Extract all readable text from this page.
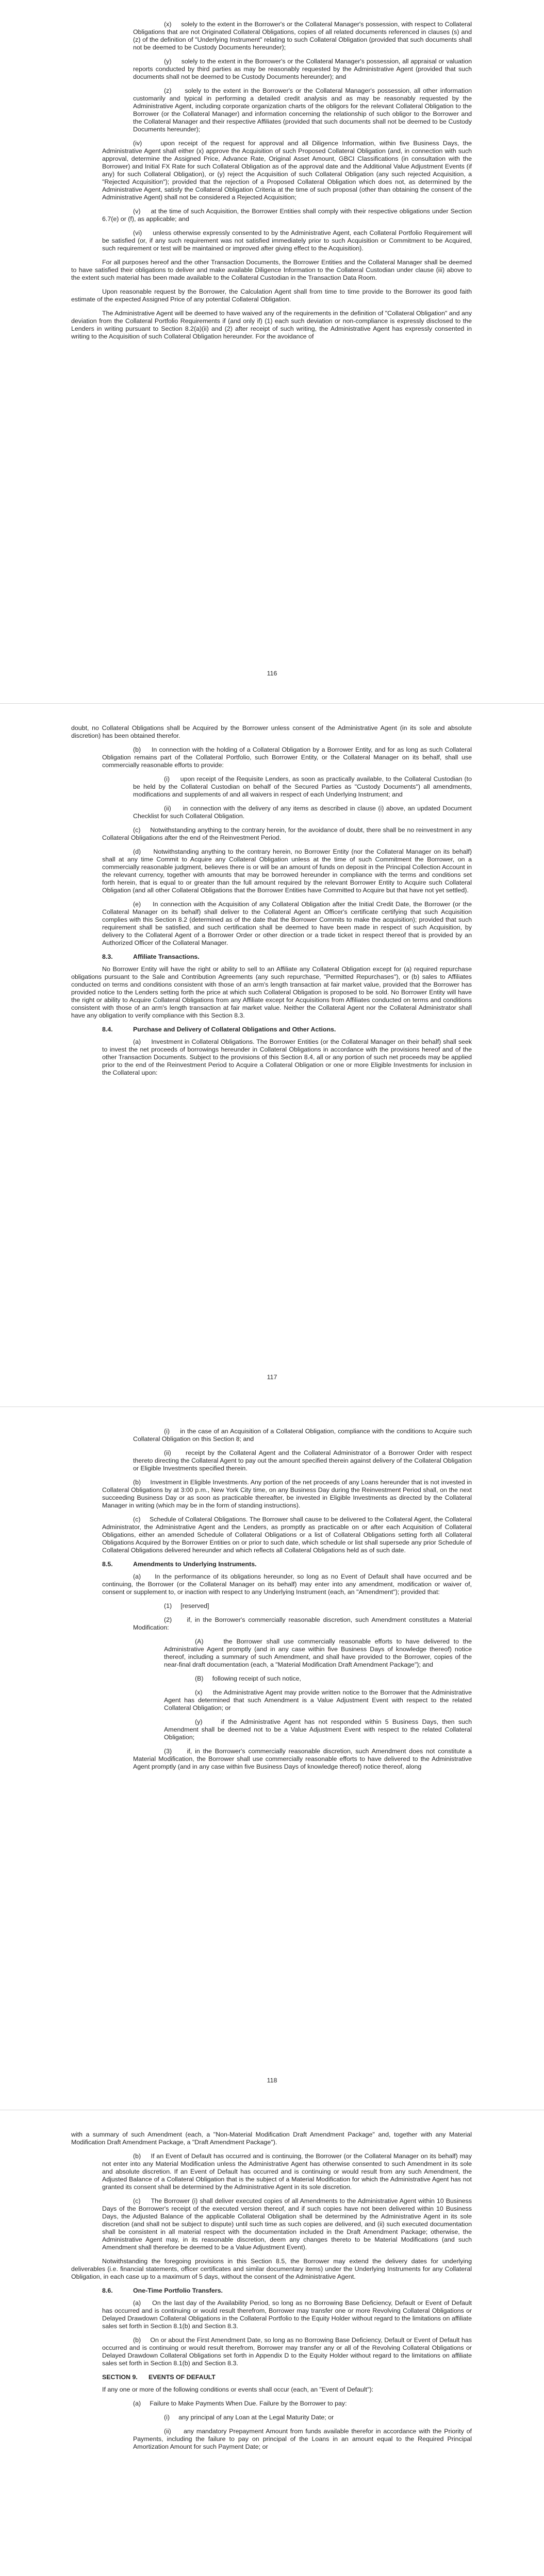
(x)     solely to the extent in the Borrower's or the Collateral Manager's possession, with respect to Collateral Obligations that are not Originated Collateral Obligations, copies of all related documents referenced in clauses (s) and (z) of the definition of "Underlying Instrument" relating to such Collateral Obligation (provided that such documents shall not be deemed to be Custody Documents hereunder);

(y)     solely to the extent in the Borrower's or the Collateral Manager's possession, all appraisal or valuation reports conducted by third parties as may be reasonably requested by the Administrative Agent (provided that such documents shall not be deemed to be Custody Documents hereunder); and

(z)     solely to the extent in the Borrower's or the Collateral Manager's possession, all other information customarily and typical in performing a detailed credit analysis and as may be reasonably requested by the Administrative Agent, including corporate organization charts of the obligors for the relevant Collateral Obligation to the Borrower (or the Collateral Manager) and information concerning the relationship of such obligor to the Borrower and the Collateral Manager and their respective Affiliates (provided that such documents shall not be deemed to be Custody Documents hereunder);

(iv)     upon receipt of the request for approval and all Diligence Information, within five Business Days, the Administrative Agent shall either (x) approve the Acquisition of such Proposed Collateral Obligation (and, in connection with such approval, determine the Assigned Price, Advance Rate, Original Asset Amount, GBCI Classifications (in consultation with the Borrower) and Initial FX Rate for such Collateral Obligation as of the approval date and the Additional Value Adjustment Events (if any) for such Collateral Obligation), or (y) reject the Acquisition of such Collateral Obligation (any such rejected Acquisition, a "Rejected Acquisition"); provided that the rejection of a Proposed Collateral Obligation which does not, as determined by the Administrative Agent, satisfy the Collateral Obligation Criteria at the time of such proposal (other than obtaining the consent of the Administrative Agent) shall not be considered a Rejected Acquisition;

(v)     at the time of such Acquisition, the Borrower Entities shall comply with their respective obligations under Section 6.7(e) or (f), as applicable; and

(vi)     unless otherwise expressly consented to by the Administrative Agent, each Collateral Portfolio Requirement will be satisfied (or, if any such requirement was not satisfied immediately prior to such Acquisition or Commitment to be Acquired, such requirement or test will be maintained or improved after giving effect to the Acquisition).

For all purposes hereof and the other Transaction Documents, the Borrower Entities and the Collateral Manager shall be deemed to have satisfied their obligations to deliver and make available Diligence Information to the Collateral Custodian under clause (iii) above to the extent such material has been made available to the Collateral Custodian in the Transaction Data Room.

Upon reasonable request by the Borrower, the Calculation Agent shall from time to time provide to the Borrower its good faith estimate of the expected Assigned Price of any potential Collateral Obligation.

The Administrative Agent will be deemed to have waived any of the requirements in the definition of "Collateral Obligation" and any deviation from the Collateral Portfolio Requirements if (and only if) (1) each such deviation or non-compliance is expressly disclosed to the Lenders in writing pursuant to Section 8.2(a)(ii) and (2) after receipt of such writing, the Administrative Agent has expressly consented in writing to the Acquisition of such Collateral Obligation hereunder. For the avoidance of

116

doubt, no Collateral Obligations shall be Acquired by the Borrower unless consent of the Administrative Agent (in its sole and absolute discretion) has been obtained therefor.

(b)     In connection with the holding of a Collateral Obligation by a Borrower Entity, and for as long as such Collateral Obligation remains part of the Collateral Portfolio, such Borrower Entity, or the Collateral Manager on its behalf, shall use commercially reasonable efforts to provide:

(i)     upon receipt of the Requisite Lenders, as soon as practically available, to the Collateral Custodian (to be held by the Collateral Custodian on behalf of the Secured Parties as "Custody Documents") all amendments, modifications and supplements of and all waivers in respect of each Underlying Instrument; and

(ii)     in connection with the delivery of any items as described in clause (i) above, an updated Document Checklist for such Collateral Obligation.

(c)     Notwithstanding anything to the contrary herein, for the avoidance of doubt, there shall be no reinvestment in any Collateral Obligations after the end of the Reinvestment Period.

(d)     Notwithstanding anything to the contrary herein, no Borrower Entity (nor the Collateral Manager on its behalf) shall at any time Commit to Acquire any Collateral Obligation unless at the time of such Commitment the Borrower, on a commercially reasonable judgment, believes there is or will be an amount of funds on deposit in the Principal Collection Account in the relevant currency, together with amounts that may be borrowed hereunder in compliance with the terms and conditions set forth herein, that is equal to or greater than the full amount required by the relevant Borrower Entity to Acquire such Collateral Obligation (and all other Collateral Obligations that the Borrower Entities have Committed to Acquire but that have not yet settled).

(e)     In connection with the Acquisition of any Collateral Obligation after the Initial Credit Date, the Borrower (or the Collateral Manager on its behalf) shall deliver to the Collateral Agent an Officer's certificate certifying that such Acquisition complies with this Section 8.2 (determined as of the date that the Borrower Commits to make the acquisition); provided that such requirement shall be satisfied, and such certification shall be deemed to have been made in respect of such Acquisition, by delivery to the Collateral Agent of a Borrower Order or other direction or a trade ticket in respect thereof that is provided by an Authorized Officer of the Collateral Manager.

8.3.	Affiliate Transactions.

No Borrower Entity will have the right or ability to sell to an Affiliate any Collateral Obligation except for (a) required repurchase obligations pursuant to the Sale and Contribution Agreements (any such repurchase, "Permitted Repurchases"), or (b) sales to Affiliates conducted on terms and conditions consistent with those of an arm's length transaction at fair market value, provided that the Borrower has provided notice to the Lenders setting forth the price at which such Collateral Obligation is proposed to be sold. No Borrower Entity will have the right or ability to Acquire Collateral Obligations from any Affiliate except for Acquisitions from Affiliates conducted on terms and conditions consistent with those of an arm's length transaction at fair market value. Neither the Collateral Agent nor the Collateral Administrator shall have any obligation to verify compliance with this Section 8.3.

8.4.	Purchase and Delivery of Collateral Obligations and Other Actions.

(a)     Investment in Collateral Obligations. The Borrower Entities (or the Collateral Manager on their behalf) shall seek to invest the net proceeds of borrowings hereunder in Collateral Obligations in accordance with the provisions hereof and of the other Transaction Documents. Subject to the provisions of this Section 8.4, all or any portion of such net proceeds may be applied prior to the end of the Reinvestment Period to Acquire a Collateral Obligation or one or more Eligible Investments for inclusion in the Collateral upon:

117

(i)     in the case of an Acquisition of a Collateral Obligation, compliance with the conditions to Acquire such Collateral Obligation on this Section 8; and

(ii)     receipt by the Collateral Agent and the Collateral Administrator of a Borrower Order with respect thereto directing the Collateral Agent to pay out the amount specified therein against delivery of the Collateral Obligation or Eligible Investments specified therein.

(b)     Investment in Eligible Investments. Any portion of the net proceeds of any Loans hereunder that is not invested in Collateral Obligations by at 3:00 p.m., New York City time, on any Business Day during the Reinvestment Period shall, on the next succeeding Business Day or as soon as practicable thereafter, be invested in Eligible Investments as directed by the Collateral Manager in writing (which may be in the form of standing instructions).

(c)     Schedule of Collateral Obligations. The Borrower shall cause to be delivered to the Collateral Agent, the Collateral Administrator, the Administrative Agent and the Lenders, as promptly as practicable on or after each Acquisition of Collateral Obligations, either an amended Schedule of Collateral Obligations or a list of Collateral Obligations setting forth all Collateral Obligations Acquired by the Borrower Entities on or prior to such date, which schedule or list shall supersede any prior Schedule of Collateral Obligations delivered hereunder and which reflects all Collateral Obligations held as of such date.

8.5.	Amendments to Underlying Instruments.

(a)     In the performance of its obligations hereunder, so long as no Event of Default shall have occurred and be continuing, the Borrower (or the Collateral Manager on its behalf) may enter into any amendment, modification or waiver of, consent or supplement to, or inaction with respect to any Underlying Instrument (each, an "Amendment"); provided that:

(1)     [reserved]

(2)     if, in the Borrower's commercially reasonable discretion, such Amendment constitutes a Material Modification:

(A)     the Borrower shall use commercially reasonable efforts to have delivered to the Administrative Agent promptly (and in any case within five Business Days of knowledge thereof) notice thereof, including a summary of such Amendment, and shall have provided to the Borrower, copies of the near-final draft documentation (each, a "Material Modification Draft Amendment Package"); and

(B)     following receipt of such notice,

(x)     the Administrative Agent may provide written notice to the Borrower that the Administrative Agent has determined that such Amendment is a Value Adjustment Event with respect to the related Collateral Obligation; or

(y)     if the Administrative Agent has not responded within 5 Business Days, then such Amendment shall be deemed not to be a Value Adjustment Event with respect to the related Collateral Obligation;

(3)     if, in the Borrower's commercially reasonable discretion, such Amendment does not constitute a Material Modification, the Borrower shall use commercially reasonable efforts to have delivered to the Administrative Agent promptly (and in any case within five Business Days of knowledge thereof) notice thereof, along

118

with a summary of such Amendment (each, a "Non-Material Modification Draft Amendment Package" and, together with any Material Modification Draft Amendment Package, a "Draft Amendment Package").

(b)     If an Event of Default has occurred and is continuing, the Borrower (or the Collateral Manager on its behalf) may not enter into any Material Modification unless the Administrative Agent has otherwise consented to such Amendment in its sole and absolute discretion. If an Event of Default has occurred and is continuing or would result from any such Amendment, the Adjusted Balance of a Collateral Obligation that is the subject of a Material Modification for which the Administrative Agent has not granted its consent shall be determined by the Administrative Agent in its sole discretion.

(c)     The Borrower (i) shall deliver executed copies of all Amendments to the Administrative Agent within 10 Business Days of the Borrower's receipt of the executed version thereof, and if such copies have not been delivered within 10 Business Days, the Adjusted Balance of the applicable Collateral Obligation shall be determined by the Administrative Agent in its sole discretion (and shall not be subject to dispute) until such time as such copies are delivered, and (ii) such executed documentation shall be consistent in all material respect with the documentation included in the Draft Amendment Package; otherwise, the Administrative Agent may, in its reasonable discretion, deem any changes thereto to be Material Modifications (and such Amendment shall therefore be deemed to be a Value Adjustment Event).

Notwithstanding the foregoing provisions in this Section 8.5, the Borrower may extend the delivery dates for underlying deliverables (i.e. financial statements, officer certificates and similar documentary items) under the Underlying Instruments for any Collateral Obligation, in each case up to a maximum of 5 days, without the consent of the Administrative Agent.

8.6.	One-Time Portfolio Transfers.

(a)     On the last day of the Availability Period, so long as no Borrowing Base Deficiency, Default or Event of Default has occurred and is continuing or would result therefrom, Borrower may transfer one or more Revolving Collateral Obligations or Delayed Drawdown Collateral Obligations in the Collateral Portfolio to the Equity Holder without regard to the limitations on affiliate sales set forth in Section 8.1(b) and Section 8.3.

(b)     On or about the First Amendment Date, so long as no Borrowing Base Deficiency, Default or Event of Default has occurred and is continuing or would result therefrom, Borrower may transfer any or all of the Revolving Collateral Obligations or Delayed Drawdown Collateral Obligations set forth in Appendix D to the Equity Holder without regard to the limitations on affiliate sales set forth in Section 8.1(b) and Section 8.3.

SECTION 9. EVENTS OF DEFAULT

If any one or more of the following conditions or events shall occur (each, an "Event of Default"):

(a)     Failure to Make Payments When Due. Failure by the Borrower to pay:

(i)     any principal of any Loan at the Legal Maturity Date; or

(ii)     any mandatory Prepayment Amount from funds available therefor in accordance with the Priority of Payments, including the failure to pay on principal of the Loans in an amount equal to the Required Principal Amortization Amount for such Payment Date; or
